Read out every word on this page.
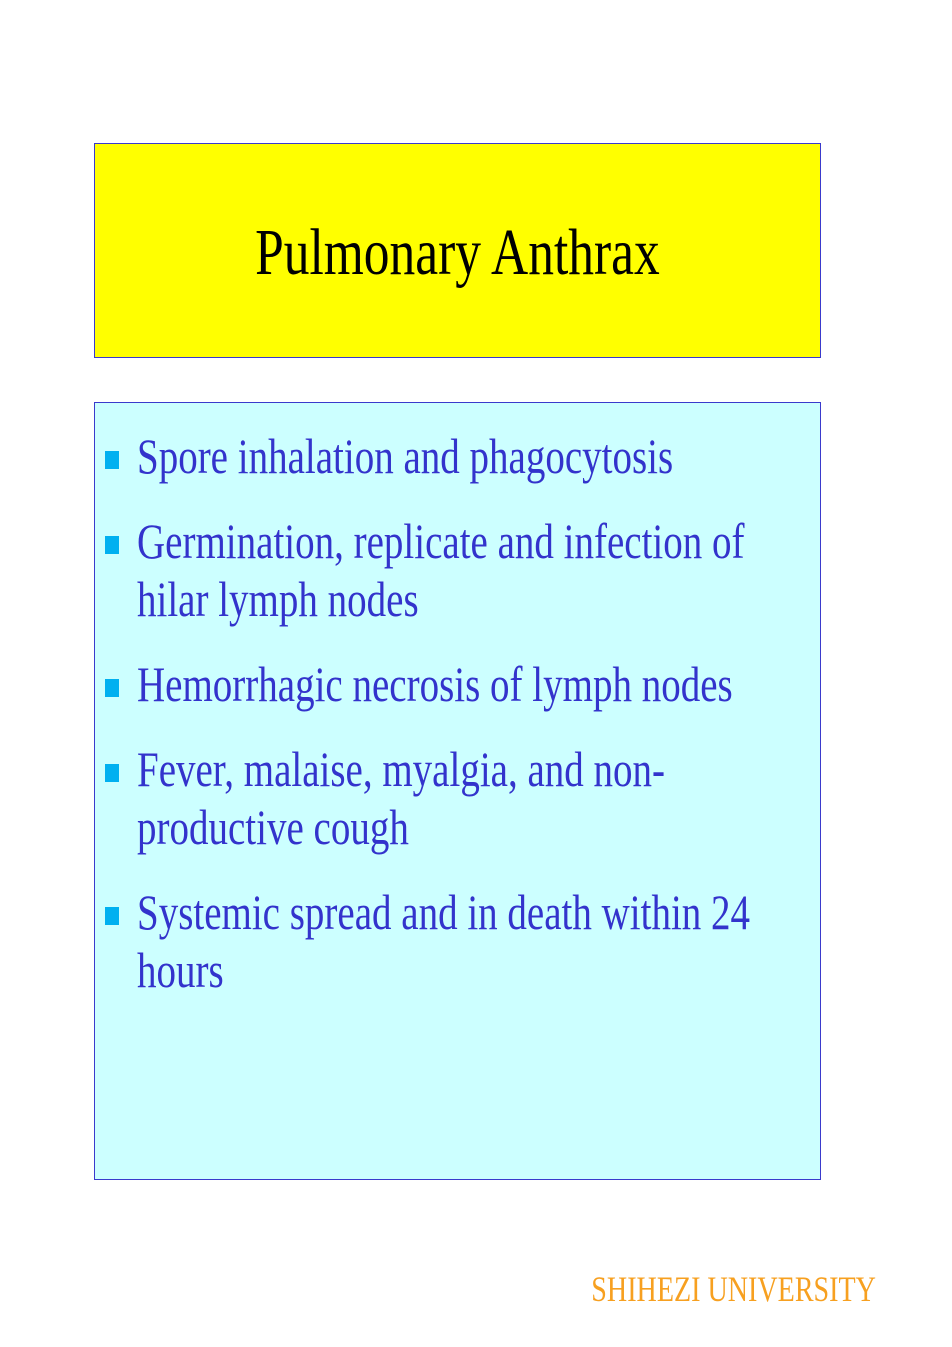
Pulmonary Anthrax
Spore inhalation and phagocytosis
Germination, replicate and infection of hilar lymph nodes
Hemorrhagic necrosis of lymph nodes
Fever, malaise, myalgia, and non-productive cough
Systemic spread and in death within 24 hours
SHIHEZI UNIVERSITY
